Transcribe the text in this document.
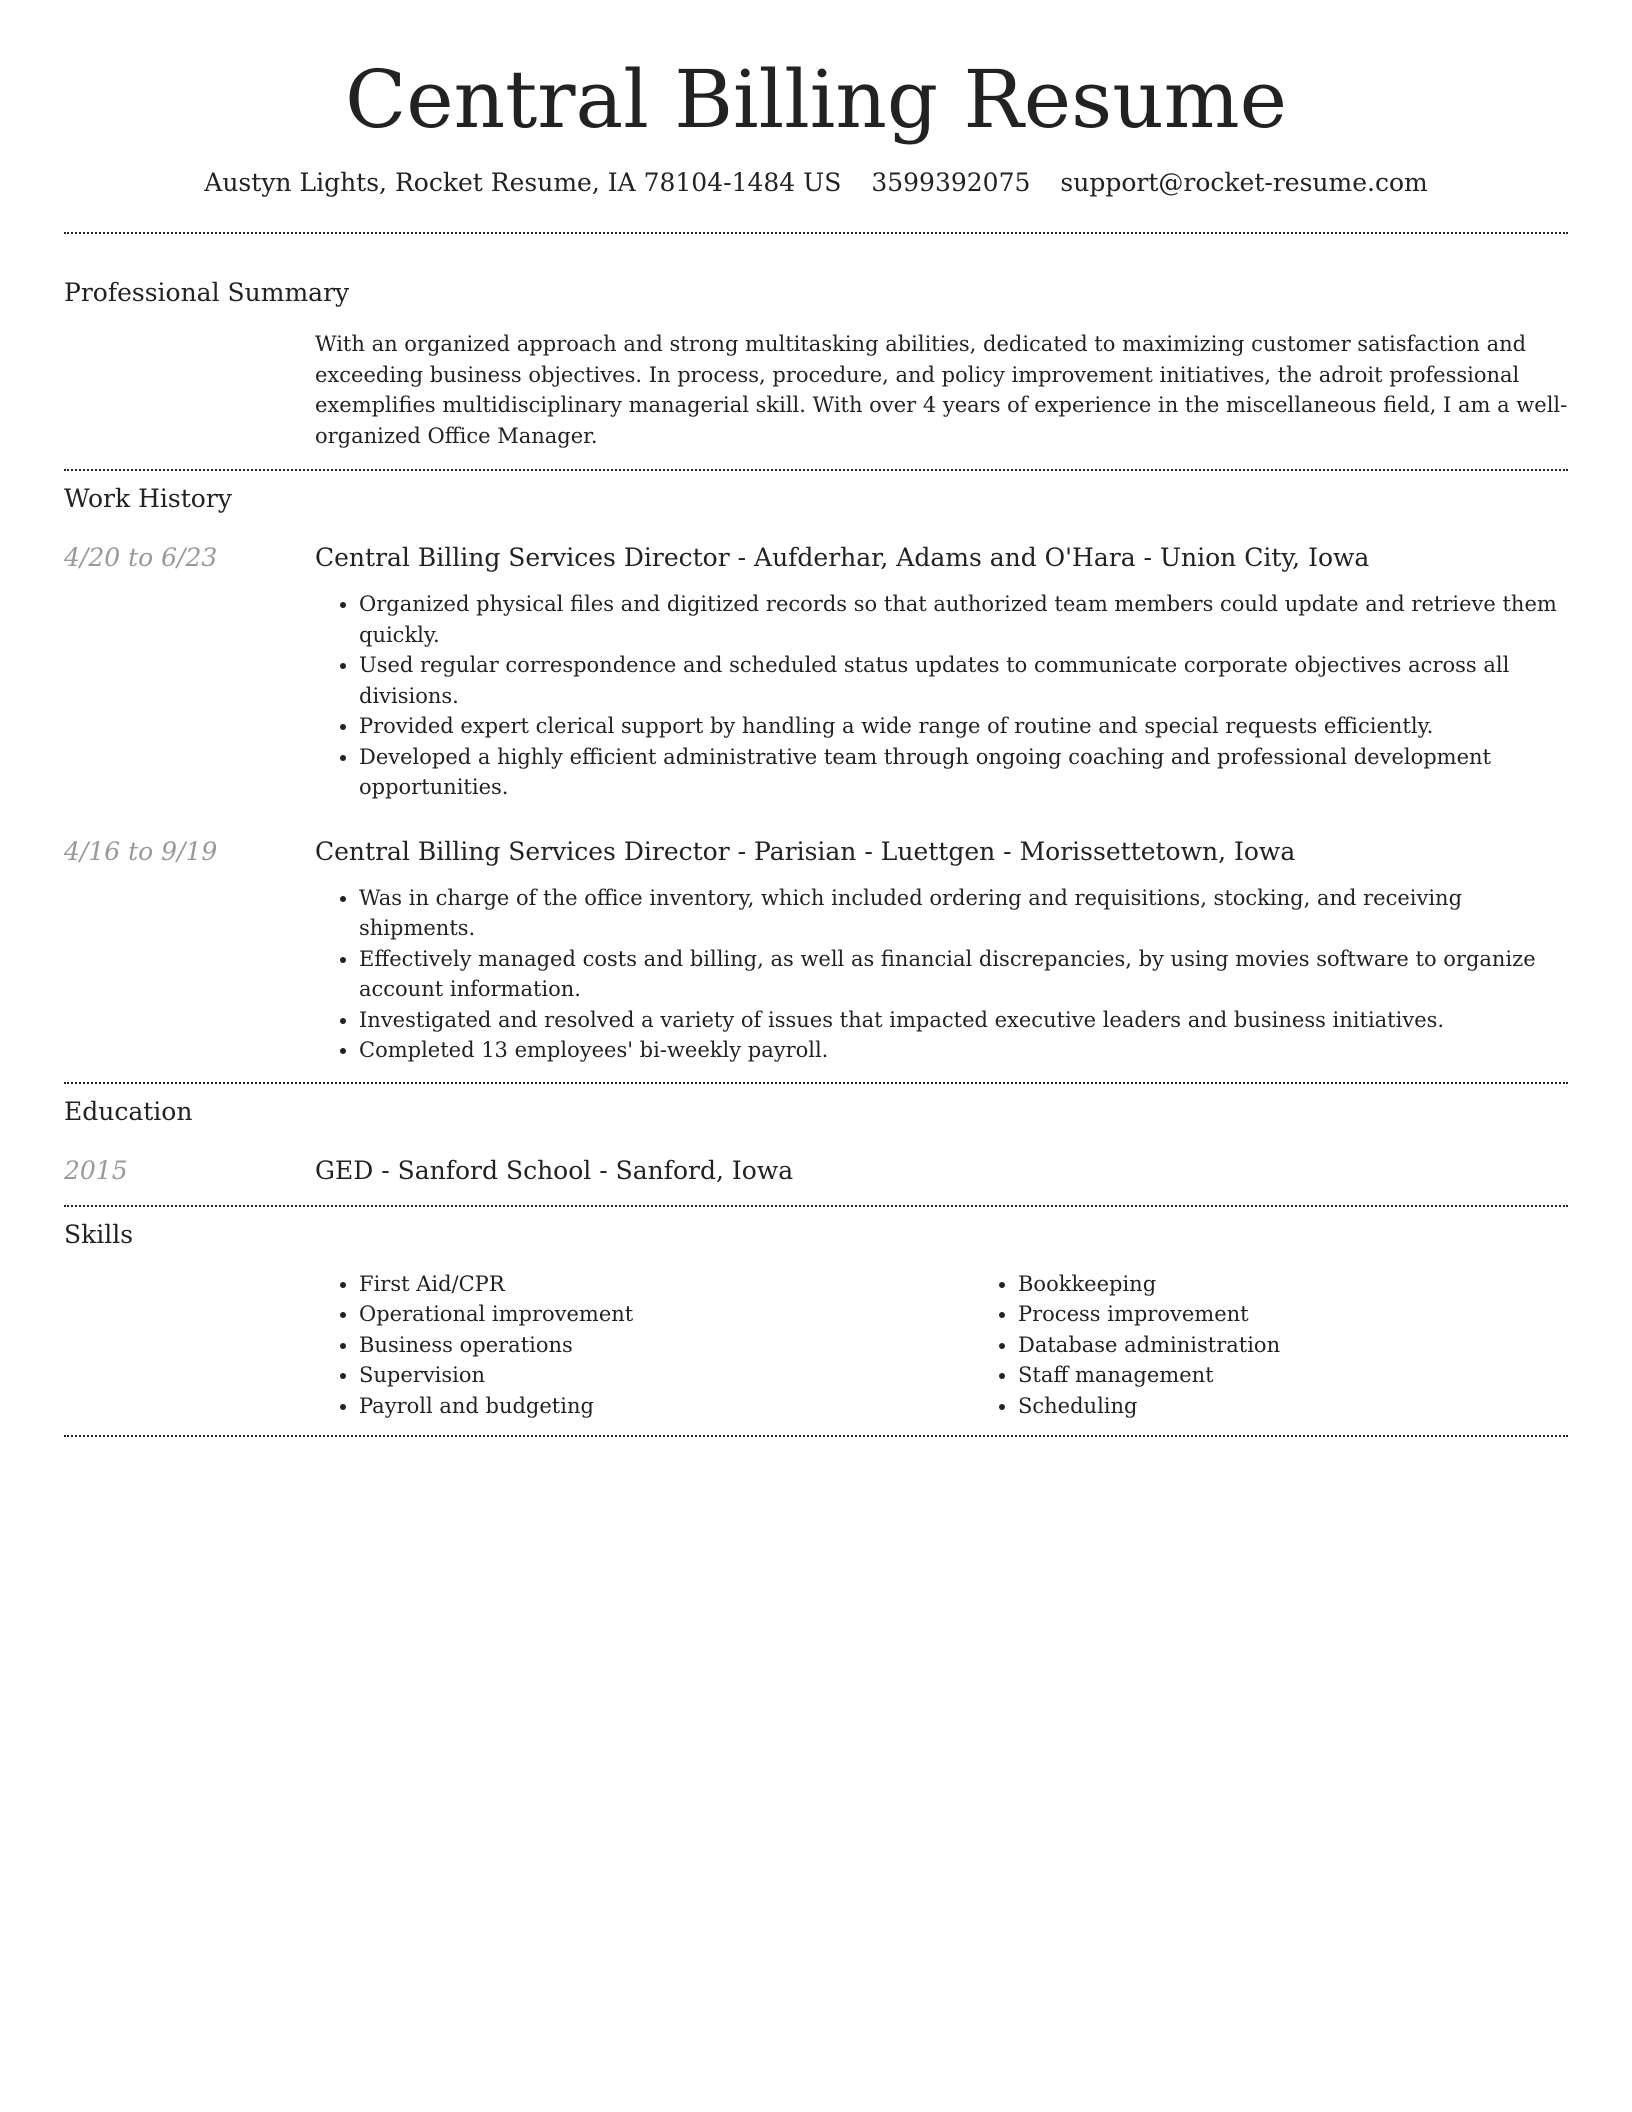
Central Billing Resume
Austyn Lights, Rocket Resume, IA 78104-1484 US 3599392075 support@rocket-resume.com
Professional Summary

With an organized approach and strong multitasking abilities, dedicated to maximizing customer satisfaction and exceeding business objectives. In process, procedure, and policy improvement initiatives, the adroit professional exemplifies multidisciplinary managerial skill. With over 4 years of experience in the miscellaneous field, I am a well-organized Office Manager.

Work History
4/20 to 6/23	Central Billing Services Director - Aufderhar, Adams and O'Hara - Union City, Iowa
• Organized physical files and digitized records so that authorized team members could update and retrieve them quickly.
• Used regular correspondence and scheduled status updates to communicate corporate objectives across all divisions.
• Provided expert clerical support by handling a wide range of routine and special requests efficiently.
• Developed a highly efficient administrative team through ongoing coaching and professional development opportunities.
4/16 to 9/19	Central Billing Services Director - Parisian - Luettgen - Morissettetown, Iowa
• Was in charge of the office inventory, which included ordering and requisitions, stocking, and receiving shipments.
• Effectively managed costs and billing, as well as financial discrepancies, by using movies software to organize account information.
• Investigated and resolved a variety of issues that impacted executive leaders and business initiatives.
• Completed 13 employees' bi-weekly payroll.
Education
2015	GED - Sanford School - Sanford, Iowa
Skills
• First Aid/CPR
• Operational improvement
• Business operations
• Supervision
• Payroll and budgeting
• Bookkeeping
• Process improvement
• Database administration
• Staff management
• Scheduling
